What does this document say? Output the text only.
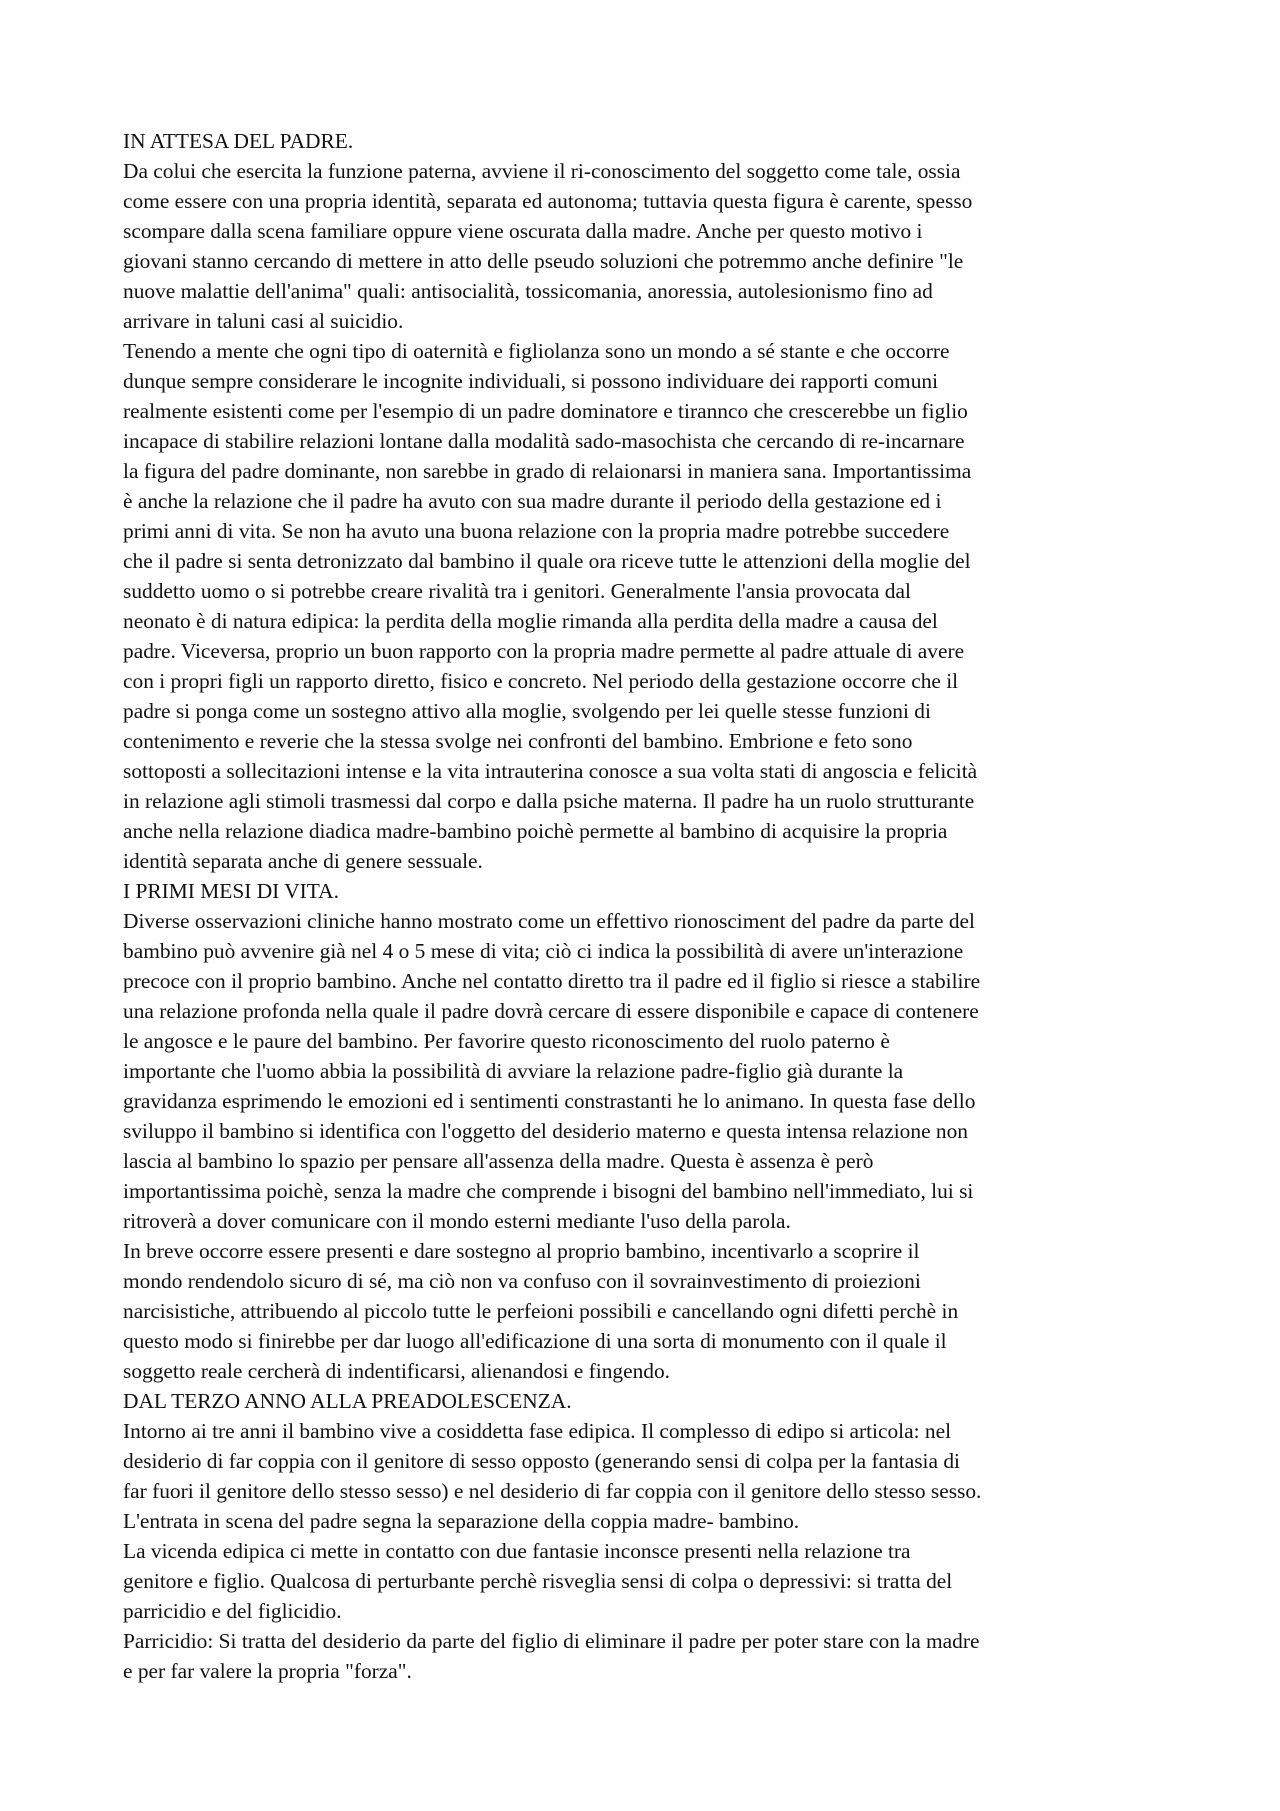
IN ATTESA DEL PADRE.
Da colui che esercita la funzione paterna, avviene il ri-conoscimento del soggetto come tale, ossia
come essere con una propria identità, separata ed autonoma; tuttavia questa figura è carente, spesso
scompare dalla scena familiare oppure viene oscurata dalla madre. Anche per questo motivo i
giovani stanno cercando di mettere in atto delle pseudo soluzioni che potremmo anche definire "le
nuove malattie dell'anima" quali: antisocialità, tossicomania, anoressia, autolesionismo fino ad
arrivare in taluni casi al suicidio.
Tenendo a mente che ogni tipo di oaternità e figliolanza sono un mondo a sé stante e che occorre
dunque sempre considerare le incognite individuali, si possono individuare dei rapporti comuni
realmente esistenti come per l'esempio di un padre dominatore e tirannco che crescerebbe un figlio
incapace di stabilire relazioni lontane dalla modalità sado-masochista che cercando di re-incarnare
la figura del padre dominante, non sarebbe in grado di relaionarsi in maniera sana. Importantissima
è anche la relazione che il padre ha avuto con sua madre durante il periodo della gestazione ed i
primi anni di vita. Se non ha avuto una buona relazione con la propria madre potrebbe succedere
che il padre si senta detronizzato dal bambino il quale ora riceve tutte le attenzioni della moglie del
suddetto uomo o si potrebbe creare rivalità tra i genitori. Generalmente l'ansia provocata dal
neonato è di natura edipica: la perdita della moglie rimanda alla perdita della madre a causa del
padre. Viceversa, proprio un buon rapporto con la propria madre permette al padre attuale di avere
con i propri figli un rapporto diretto, fisico e concreto. Nel periodo della gestazione occorre che il
padre si ponga come un sostegno attivo alla moglie, svolgendo per lei quelle stesse funzioni di
contenimento e reverie che la stessa svolge nei confronti del bambino. Embrione e feto sono
sottoposti a sollecitazioni intense e la vita intrauterina conosce a sua volta stati di angoscia e felicità
in relazione agli stimoli trasmessi dal corpo e dalla psiche materna. Il padre ha un ruolo strutturante
anche nella relazione diadica madre-bambino poichè permette al bambino di acquisire la propria
identità separata anche di genere sessuale.
I PRIMI MESI DI VITA.
Diverse osservazioni cliniche hanno mostrato come un effettivo rionosciment del padre da parte del
bambino può avvenire già nel 4 o 5 mese di vita; ciò ci indica la possibilità di avere un'interazione
precoce con il proprio bambino. Anche nel contatto diretto tra il padre ed il figlio si riesce a stabilire
una relazione profonda nella quale il padre dovrà cercare di essere disponibile e capace di contenere
le angosce e le paure del bambino. Per favorire questo riconoscimento del ruolo paterno è
importante che l'uomo abbia la possibilità di avviare la relazione padre-figlio già durante la
gravidanza esprimendo le emozioni ed i sentimenti constrastanti he lo animano. In questa fase dello
sviluppo il bambino si identifica con l'oggetto del desiderio materno e questa intensa relazione non
lascia al bambino lo spazio per pensare all'assenza della madre. Questa è assenza è però
importantissima poichè, senza la madre che comprende i bisogni del bambino nell'immediato, lui si
ritroverà a dover comunicare con il mondo esterni mediante l'uso della parola.
In breve occorre essere presenti e dare sostegno al proprio bambino, incentivarlo a scoprire il
mondo rendendolo sicuro di sé, ma ciò non va confuso con il sovrainvestimento di proiezioni
narcisistiche, attribuendo al piccolo tutte le perfeioni possibili e cancellando ogni difetti perchè in
questo modo si finirebbe per dar luogo all'edificazione di una sorta di monumento con il quale il
soggetto reale cercherà di indentificarsi, alienandosi e fingendo.
DAL TERZO ANNO ALLA PREADOLESCENZA.
Intorno ai tre anni il bambino vive a cosiddetta fase edipica. Il complesso di edipo si articola: nel
desiderio di far coppia con il genitore di sesso opposto (generando sensi di colpa per la fantasia di
far fuori il genitore dello stesso sesso) e nel desiderio di far coppia con il genitore dello stesso sesso.
L'entrata in scena del padre segna la separazione della coppia madre- bambino.
La vicenda edipica ci mette in contatto con due fantasie inconsce presenti nella relazione tra
genitore e figlio. Qualcosa di perturbante perchè risveglia sensi di colpa o depressivi: si tratta del
parricidio e del figlicidio.
Parricidio: Si tratta del desiderio da parte del figlio di eliminare il padre per poter stare con la madre
e per far valere la propria "forza".
